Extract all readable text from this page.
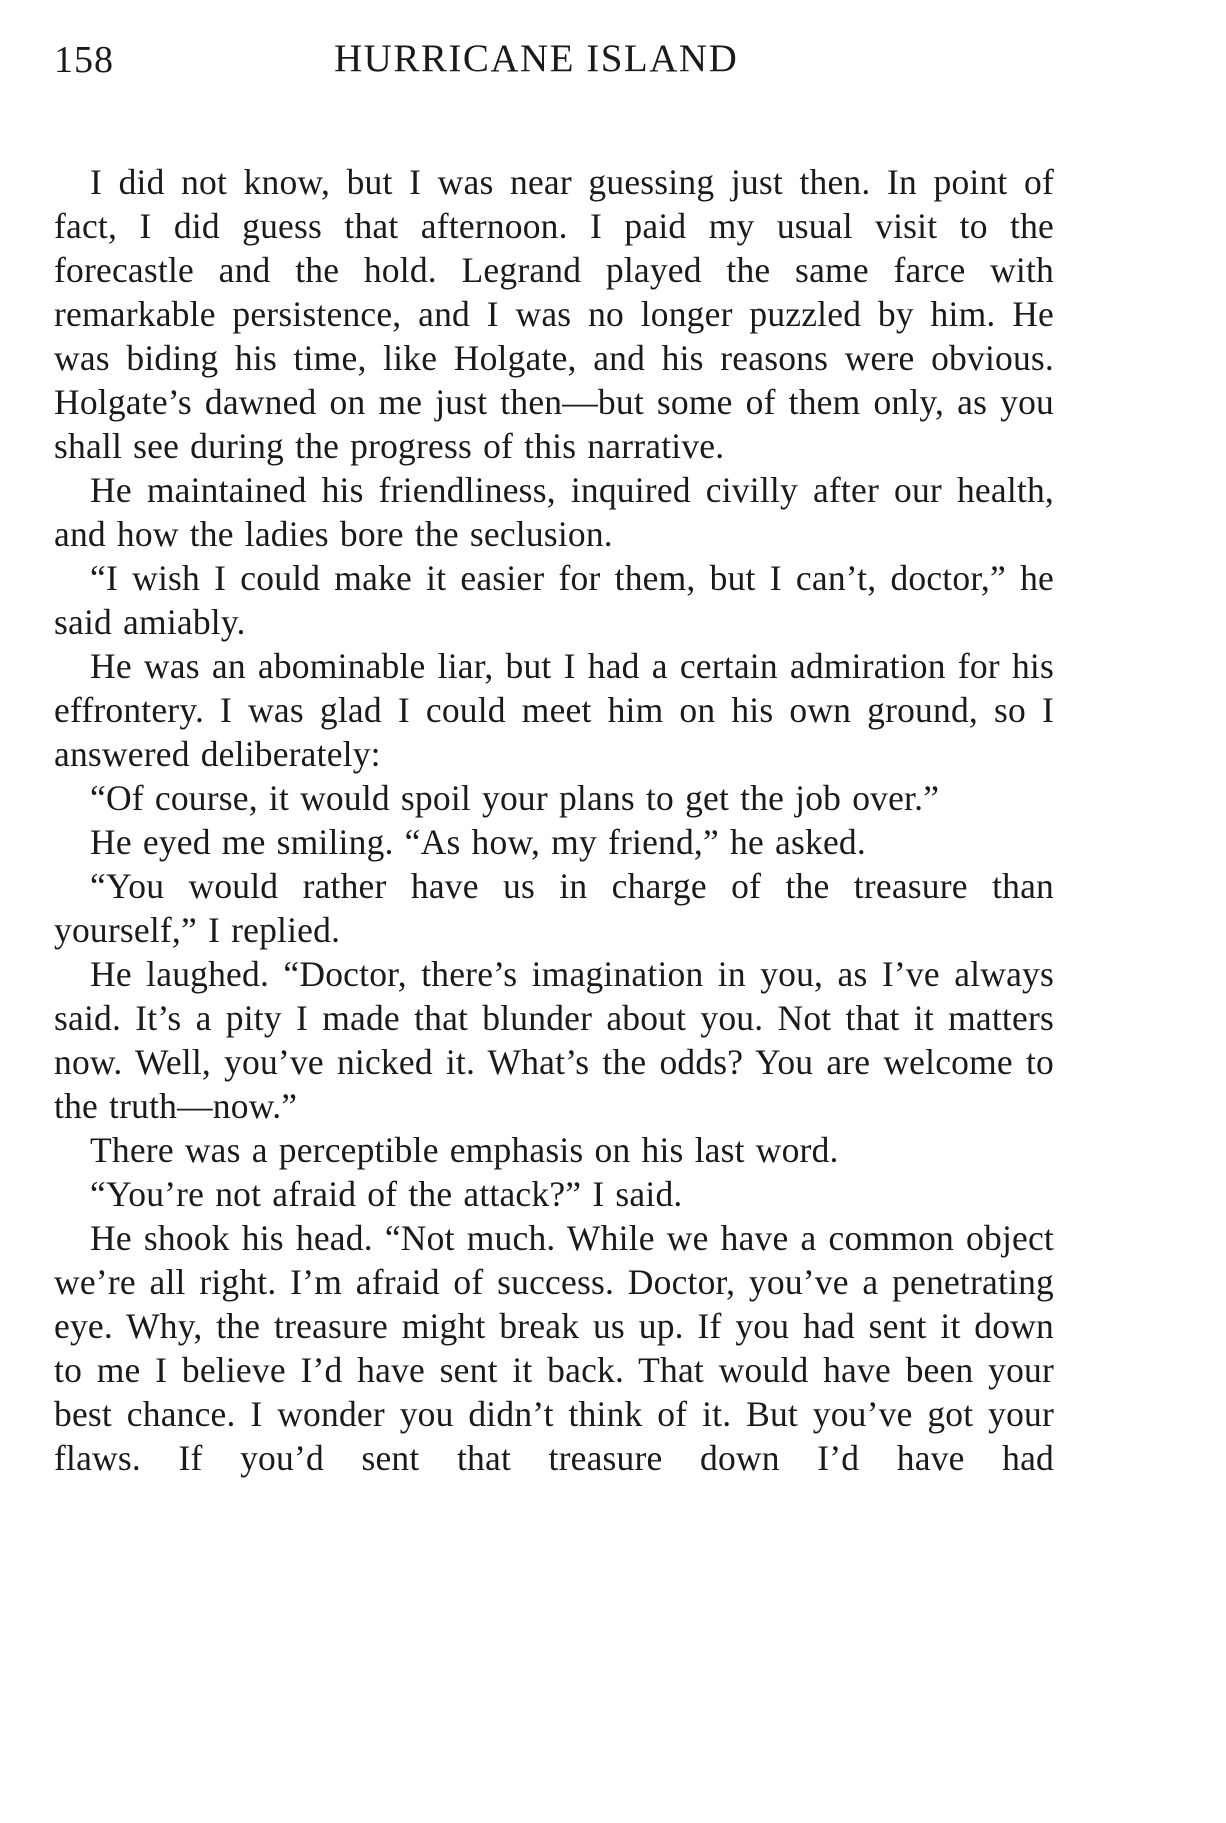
158	HURRICANE ISLAND

I did not know, but I was near guessing just then. In point of fact, I did guess that afternoon. I paid my usual visit to the forecastle and the hold. Legrand played the same farce with remarkable persistence, and I was no longer puzzled by him. He was biding his time, like Holgate, and his reasons were obvious. Holgate’s dawned on me just then—but some of them only, as you shall see during the progress of this narrative.

He maintained his friendliness, inquired civilly after our health, and how the ladies bore the seclusion.

“I wish I could make it easier for them, but I can’t, doctor,” he said amiably.

He was an abominable liar, but I had a certain admiration for his effrontery. I was glad I could meet him on his own ground, so I answered deliberately:

“Of course, it would spoil your plans to get the job over.”

He eyed me smiling. “As how, my friend,” he asked.

“You would rather have us in charge of the treasure than yourself,” I replied.

He laughed. “Doctor, there’s imagination in you, as I’ve always said. It’s a pity I made that blunder about you. Not that it matters now. Well, you’ve nicked it. What’s the odds? You are welcome to the truth—now.”

There was a perceptible emphasis on his last word.

“You’re not afraid of the attack?” I said.

He shook his head. “Not much. While we have a common object we’re all right. I’m afraid of success. Doctor, you’ve a penetrating eye. Why, the treasure might break us up. If you had sent it down to me I believe I’d have sent it back. That would have been your best chance. I wonder you didn’t think of it. But you’ve got your flaws. If you’d sent that treasure down I’d have had
